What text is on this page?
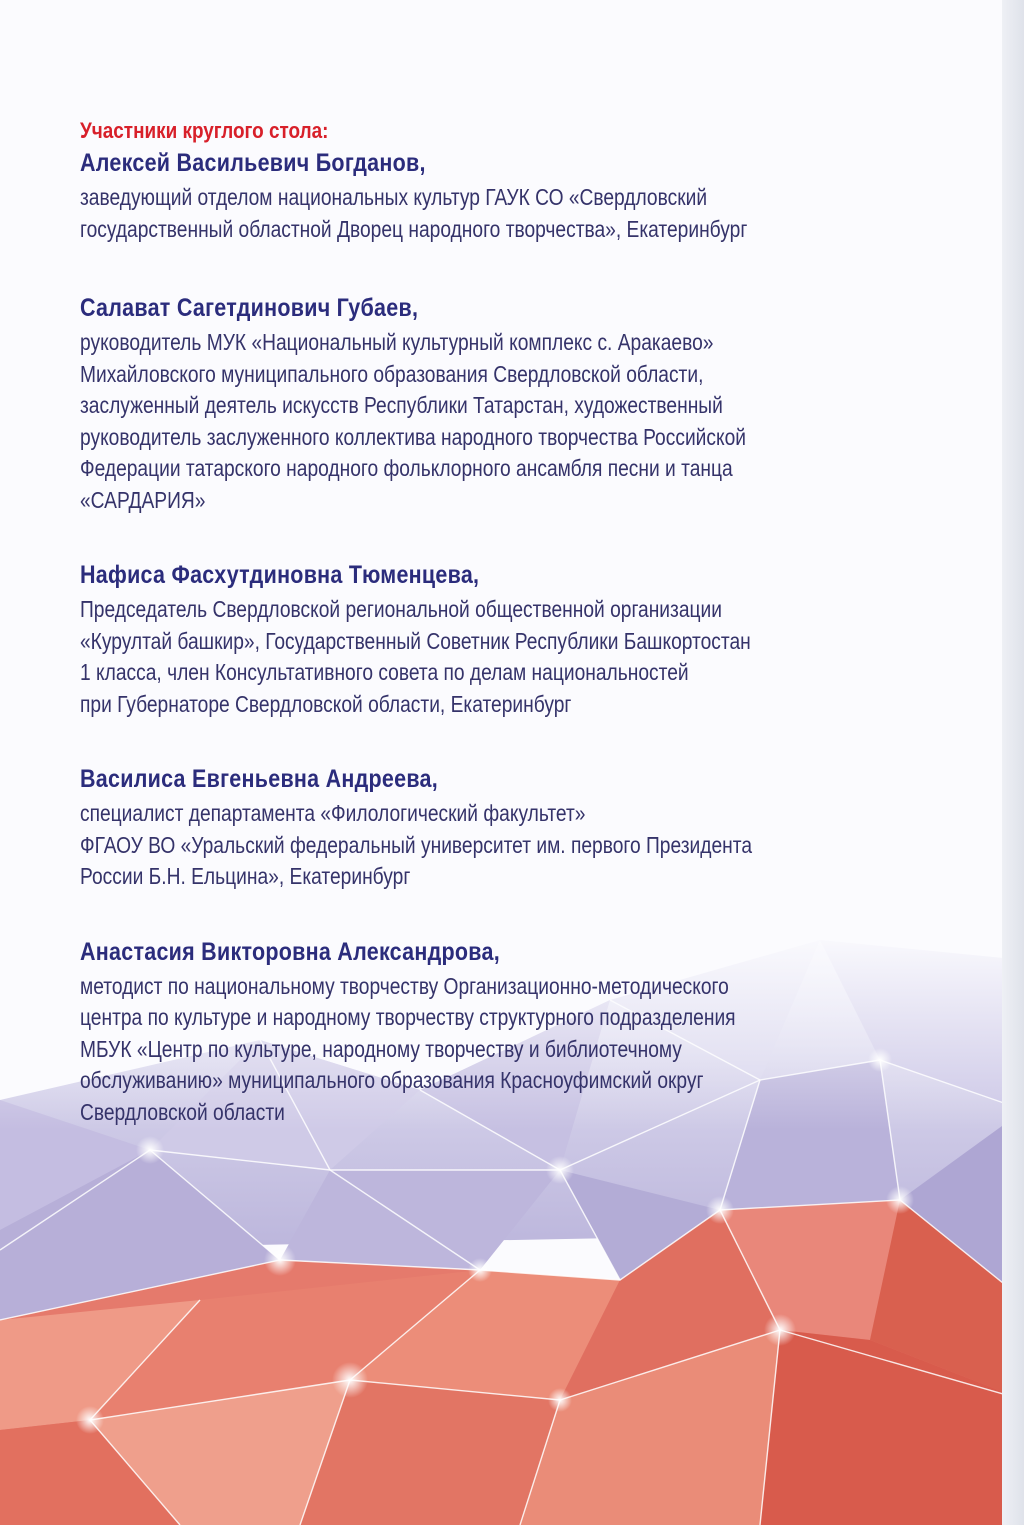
Участники круглого стола:
Алексей Васильевич Богданов,
заведующий отделом национальных культур ГАУК СО «Свердловский
государственный областной Дворец народного творчества», Екатеринбург
Салават Сагетдинович Губаев,
руководитель МУК «Национальный культурный комплекс с. Аракаево»
Михайловского муниципального образования Свердловской области,
заслуженный деятель искусств Республики Татарстан, художественный
руководитель заслуженного коллектива народного творчества Российской
Федерации татарского народного фольклорного ансамбля песни и танца
«САРДАРИЯ»
Нафиса Фасхутдиновна Тюменцева,
Председатель Свердловской региональной общественной организации
«Курултай башкир», Государственный Советник Республики Башкортостан
1 класса, член Консультативного совета по делам национальностей
при Губернаторе Свердловской области, Екатеринбург
Василиса Евгеньевна Андреева,
специалист департамента «Филологический факультет»
ФГАОУ ВО «Уральский федеральный университет им. первого Президента
России Б.Н. Ельцина», Екатеринбург
Анастасия Викторовна Александрова,
методист по национальному творчеству Организационно-методического
центра по культуре и народному творчеству структурного подразделения
МБУК «Центр по культуре, народному творчеству и библиотечному
обслуживанию» муниципального образования Красноуфимский округ
Свердловской области
